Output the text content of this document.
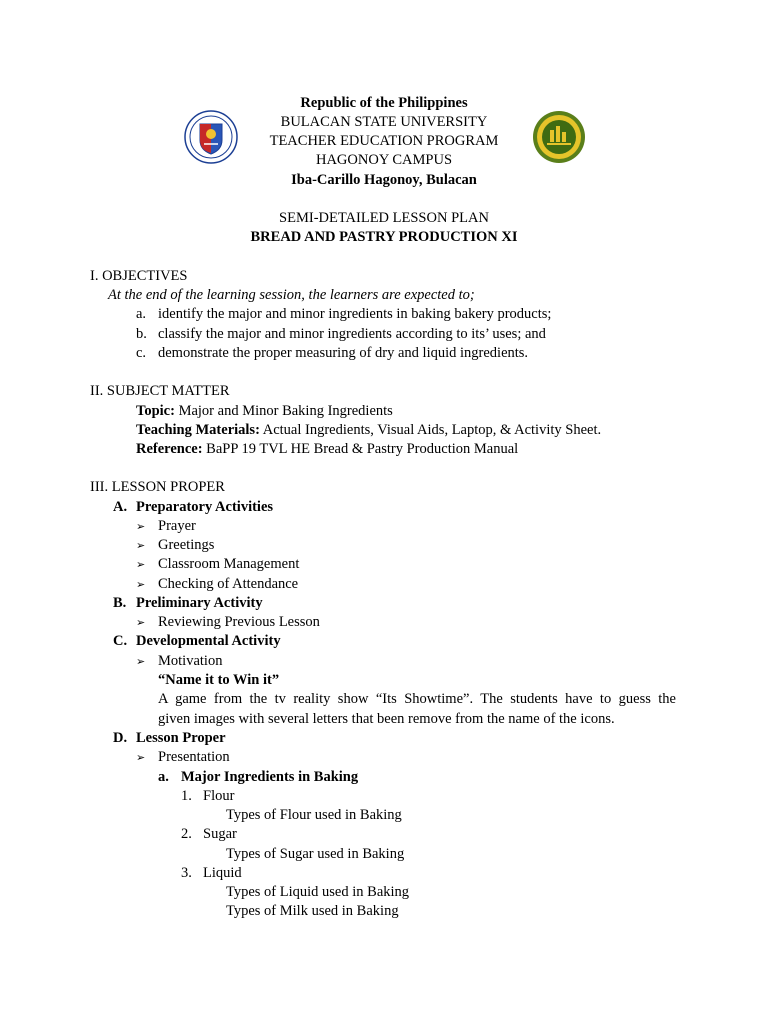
Republic of the Philippines
BULACAN STATE UNIVERSITY
TEACHER EDUCATION PROGRAM
HAGONOY CAMPUS
Iba-Carillo Hagonoy, Bulacan
SEMI-DETAILED LESSON PLAN
BREAD AND PASTRY PRODUCTION XI
I. OBJECTIVES
At the end of the learning session, the learners are expected to;
a. identify the major and minor ingredients in baking bakery products;
b. classify the major and minor ingredients according to its’ uses; and
c. demonstrate the proper measuring of dry and liquid ingredients.
II. SUBJECT MATTER
Topic: Major and Minor Baking Ingredients
Teaching Materials: Actual Ingredients, Visual Aids, Laptop, & Activity Sheet.
Reference: BaPP 19 TVL HE Bread & Pastry Production Manual
III. LESSON PROPER
A. Preparatory Activities
➢ Prayer
➢ Greetings
➢ Classroom Management
➢ Checking of Attendance
B. Preliminary Activity
➢ Reviewing Previous Lesson
C. Developmental Activity
➢ Motivation
“Name it to Win it”
A game from the tv reality show “Its Showtime”. The students have to guess the
given images with several letters that been remove from the name of the icons.
D. Lesson Proper
➢ Presentation
a. Major Ingredients in Baking
1. Flour
Types of Flour used in Baking
2. Sugar
Types of Sugar used in Baking
3. Liquid
Types of Liquid used in Baking
Types of Milk used in Baking
